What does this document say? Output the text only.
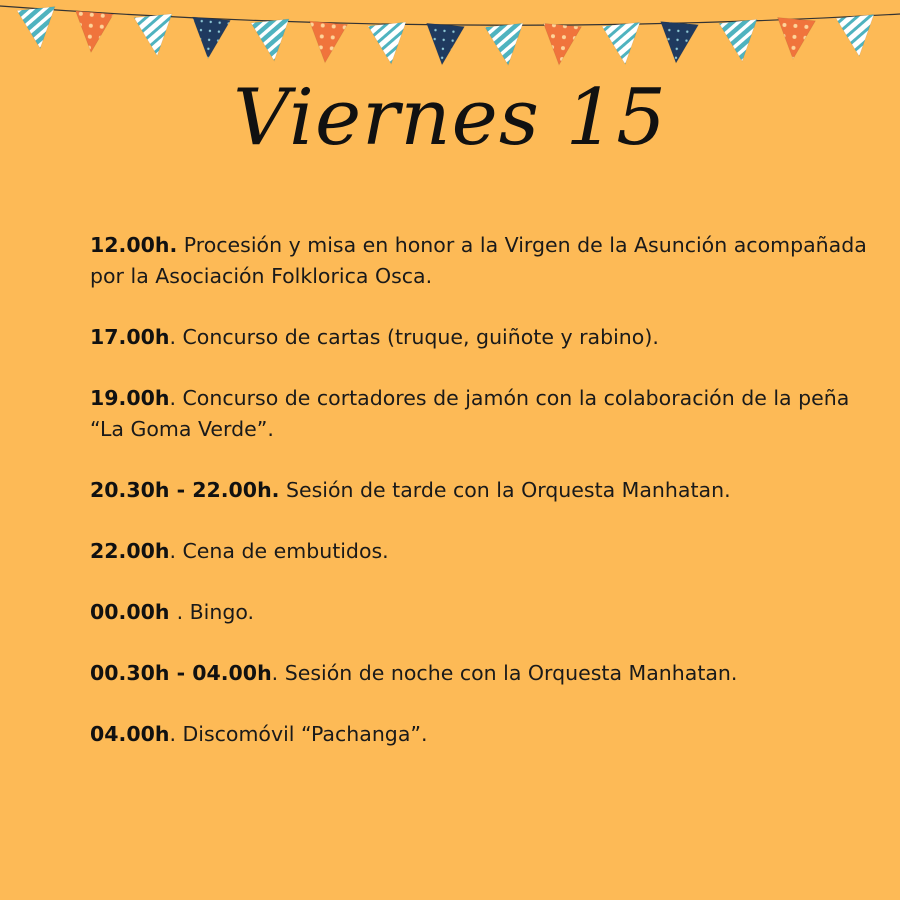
Viernes 15

12.00h. Procesión y misa en honor a la Virgen de la Asunción acompañada por la Asociación Folklorica Osca.

17.00h. Concurso de cartas (truque, guiñote y rabino).

19.00h. Concurso de cortadores de jamón con la colaboración de la peña “La Goma Verde”.

20.30h - 22.00h. Sesión de tarde con la Orquesta Manhatan.

22.00h. Cena de embutidos.

00.00h . Bingo.

00.30h - 04.00h. Sesión de noche con la Orquesta Manhatan.

04.00h. Discomóvil “Pachanga”.
